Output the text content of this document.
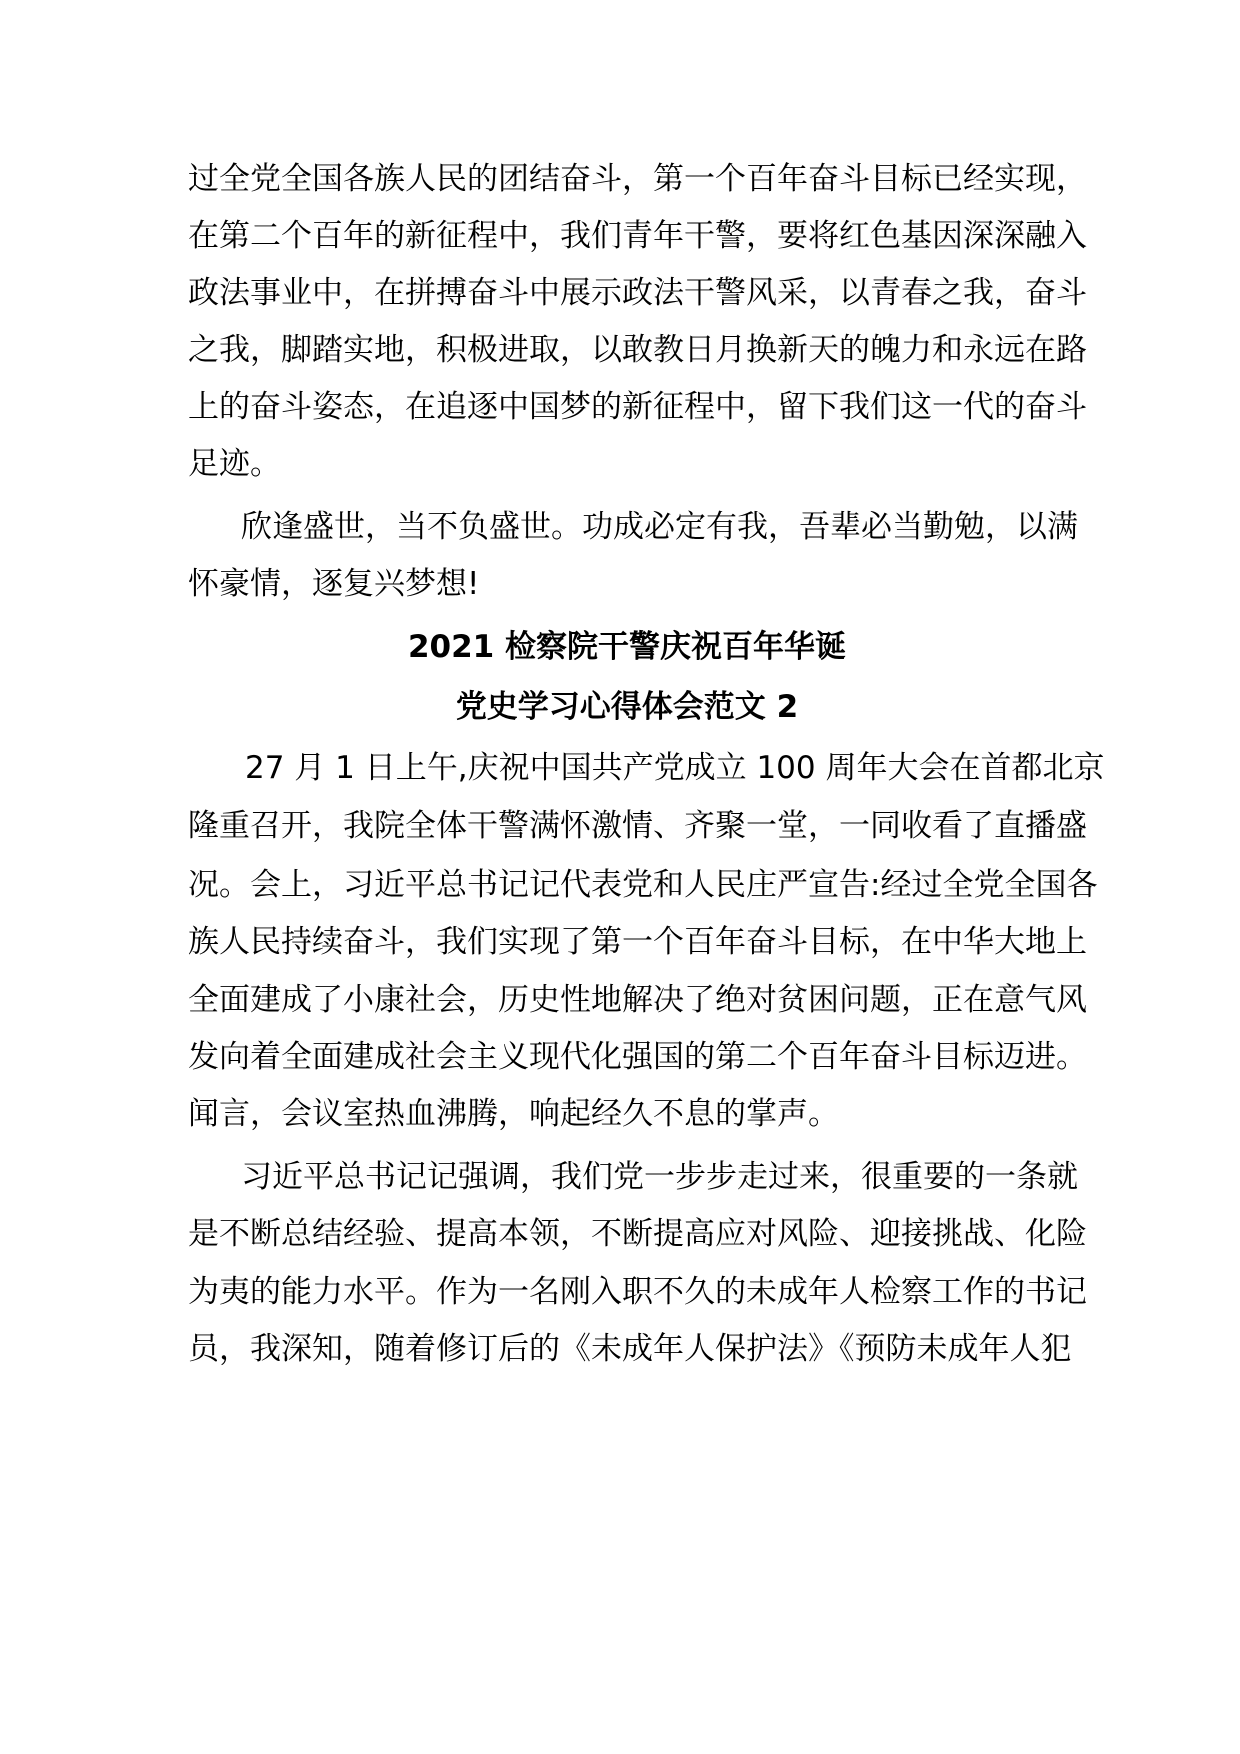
过全党全国各族人民的团结奋斗，第一个百年奋斗目标已经实现，
在第二个百年的新征程中，我们青年干警，要将红色基因深深融入
政法事业中，在拼搏奋斗中展示政法干警风采，以青春之我，奋斗
之我，脚踏实地，积极进取，以敢教日月换新天的魄力和永远在路
上的奋斗姿态，在追逐中国梦的新征程中，留下我们这一代的奋斗
足迹。
欣逢盛世，当不负盛世。功成必定有我，吾辈必当勤勉，以满
怀豪情，逐复兴梦想!
2021 检察院干警庆祝百年华诞
党史学习心得体会范文 2
27 月 1 日上午,庆祝中国共产党成立 100 周年大会在首都北京
隆重召开，我院全体干警满怀激情、齐聚一堂，一同收看了直播盛
况。会上，习近平总书记记代表党和人民庄严宣告:经过全党全国各
族人民持续奋斗，我们实现了第一个百年奋斗目标，在中华大地上
全面建成了小康社会，历史性地解决了绝对贫困问题，正在意气风
发向着全面建成社会主义现代化强国的第二个百年奋斗目标迈进。
闻言，会议室热血沸腾，响起经久不息的掌声。
习近平总书记记强调，我们党一步步走过来，很重要的一条就
是不断总结经验、提高本领，不断提高应对风险、迎接挑战、化险
为夷的能力水平。作为一名刚入职不久的未成年人检察工作的书记
员，我深知，随着修订后的《未成年人保护法》《预防未成年人犯
